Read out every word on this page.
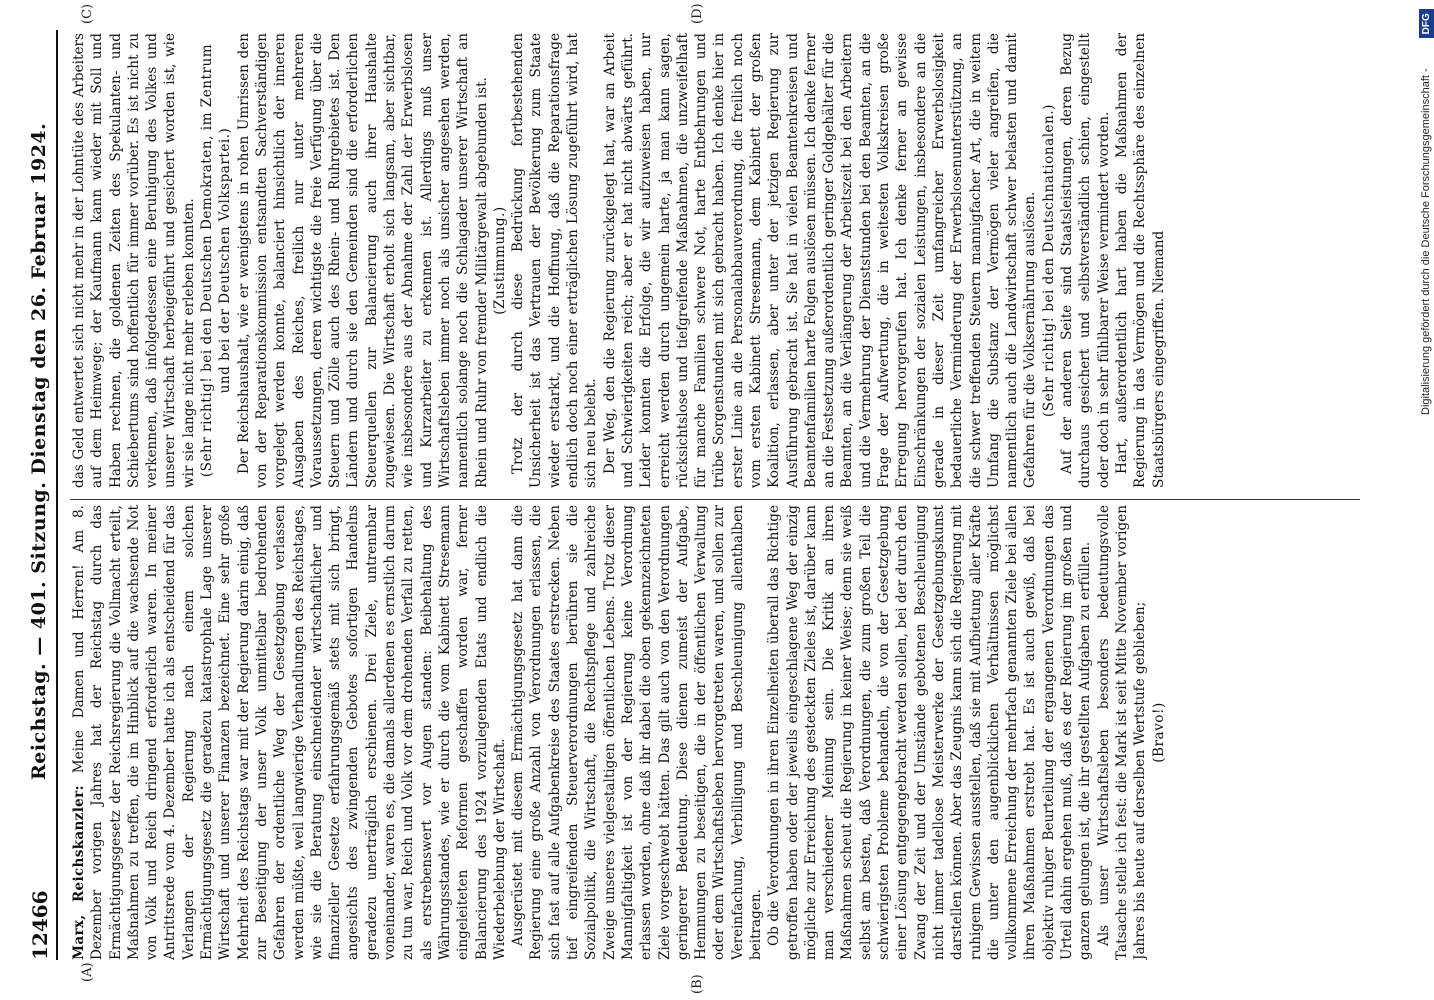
12466
Reichstag. — 401. Sitzung. Dienstag den 26. Februar 1924.
(A)
(B)
(C)	(D)

Marx, Reichskanzler: Meine Damen und Herren! Am 8. Dezember vorigen Jahres hat der Reichstag durch das Ermächtigungsgesetz der Reichsregierung die Vollmacht erteilt, Maßnahmen zu treffen, die im Hinblick auf die wachsende Not von Volk und Reich dringend erforderlich waren. In meiner Antrittsrede vom 4. Dezember hatte ich als entscheidend für das Verlangen der Regierung nach einem solchen Ermächtigungsgesetz die geradezu katastrophale Lage unserer Wirtschaft und unserer Finanzen bezeichnet. Eine sehr große Mehrheit des Reichstags war mit der Regierung darin einig, daß zur Beseitigung der unser Volk unmittelbar bedrohenden Gefahren der ordentliche Weg der Gesetzgebung verlassen werden müßte, weil langwierige Verhandlungen des Reichstages, wie sie die Beratung einschneidender wirtschaftlicher und finanzieller Gesetze erfahrungsgemäß stets mit sich bringt, angesichts des zwingenden Gebotes sofortigen Handelns geradezu unerträglich erschienen. Drei Ziele, untrennbar voneinander, waren es, die damals allerdenen es ernstlich darum zu tun war, Reich und Volk vor dem drohenden Verfall zu retten, als erstrebenswert vor Augen standen: Beibehaltung des Währungsstandes, wie er durch die vom Kabinett Stresemann eingeleiteten Reformen geschaffen worden war, ferner Balancierung des 1924 vorzulegenden Etats und endlich die Wiederbelebung der Wirtschaft. Ausgerüstet mit diesem Ermächtigungsgesetz hat dann die Regierung eine große Anzahl von Verordnungen erlassen, die sich fast auf alle Aufgabenkreise des Staates erstrecken. Neben tief eingreifenden Steuerverordnungen berühren sie die Sozialpolitik, die Wirtschaft, die Rechtspflege und zahlreiche Zweige unseres vielgestaltigen öffentlichen Lebens. Trotz dieser Mannigfaltigkeit ist von der Regierung keine Verordnung erlassen worden, ohne daß ihr dabei die oben gekennzeichneten Ziele vorgeschwebt hätten. Das gilt auch von den Verordnungen geringerer Bedeutung. Diese dienen zumeist der Aufgabe, Hemmungen zu beseitigen, die in der öffentlichen Verwaltung oder dem Wirtschaftsleben hervorgetreten waren, und sollen zur Vereinfachung, Verbilligung und Beschleunigung allenthalben beitragen. Ob die Verordnungen in ihren Einzelheiten überall das Richtige getroffen haben oder der jeweils eingeschlagene Weg der einzig mögliche zur Erreichung des gesteckten Zieles ist, darüber kann man verschiedener Meinung sein. Die Kritik an ihren Maßnahmen scheut die Regierung in keiner Weise; denn sie weiß selbst am besten, daß Verordnungen, die zum großen Teil die schwierigsten Probleme behandeln, die von der Gesetzgebung einer Lösung entgegengebracht werden sollen, bei der durch den Zwang der Zeit und der Umstände gebotenen Beschleunigung nicht immer tadellose Meisterwerke der Gesetzgebungskunst darstellen können. Aber das Zeugnis kann sich die Regierung mit ruhigem Gewissen ausstellen, daß sie mit Aufbietung aller Kräfte die unter den augenblicklichen Verhältnissen möglichst vollkommene Erreichung der mehrfach genannten Ziele bei allen ihren Maßnahmen erstrebt hat. Es ist auch gewiß, daß bei objektiv ruhiger Beurteilung der ergangenen Verordnungen das Urteil dahin ergehen muß, daß es der Regierung im großen und ganzen gelungen ist, die ihr gestellten Aufgaben zu erfüllen. Als unser Wirtschaftsleben besonders bedeutungsvolle Tatsache stelle ich fest: die Mark ist seit Mitte November vorigen Jahres bis heute auf derselben Wertstufe geblieben; (Bravo!)

das Geld entwertet sich nicht mehr in der Lohntüte des Arbeiters auf dem Heimwege; der Kaufmann kann wieder mit Soll und Haben rechnen, die goldenen Zeiten des Spekulanten- und Schiebertums sind hoffentlich für immer vorüber. Es ist nicht zu verkennen, daß infolgedessen eine Beruhigung des Volkes und unserer Wirtschaft herbeigeführt und gesichert worden ist, wie wir sie lange nicht mehr erleben konnten. (Sehr richtig! bei den Deutschen Demokraten, im Zentrum und bei der Deutschen Volkspartei.) Der Reichshaushalt, wie er wenigstens in rohen Umrissen den von der Reparationskommission entsandten Sachverständigen vorgelegt werden konnte, balanciert hinsichtlich der inneren Ausgaben des Reiches, freilich nur unter mehreren Voraussetzungen, deren wichtigste die freie Verfügung über die Steuern und Zölle auch des Rhein- und Ruhrgebietes ist. Den Ländern und durch sie den Gemeinden sind die erforderlichen Steuerquellen zur Balancierung auch ihrer Haushalte zugewiesen. Die Wirtschaft erholt sich langsam, aber sichtbar, wie insbesondere aus der Abnahme der Zahl der Erwerbslosen und Kurzarbeiter zu erkennen ist. Allerdings muß unser Wirtschaftsleben immer noch als unsicher angesehen werden, namentlich solange noch die Schlagader unserer Wirtschaft an Rhein und Ruhr von fremder Militärgewalt abgebunden ist. (Zustimmung.) Trotz der durch diese Bedrückung fortbestehenden Unsicherheit ist das Vertrauen der Bevölkerung zum Staate wieder erstarkt, und die Hoffnung, daß die Reparationsfrage endlich doch noch einer erträglichen Lösung zugeführt wird, hat sich neu belebt. Der Weg, den die Regierung zurückgelegt hat, war an Arbeit und Schwierigkeiten reich; aber er hat nicht abwärts geführt. Leider konnten die Erfolge, die wir aufzuweisen haben, nur erreicht werden durch ungemein harte, ja man kann sagen, rücksichtslose und tiefgreifende Maßnahmen, die unzweifelhaft für manche Familien schwere Not, harte Entbehrungen und trübe Sorgenstunden mit sich gebracht haben. Ich denke hier in erster Linie an die Personalabbauverordnung, die freilich noch vom ersten Kabinett Stresemann, dem Kabinett der großen Koalition, erlassen, aber unter der jetzigen Regierung zur Ausführung gebracht ist. Sie hat in vielen Beamtenkreisen und Beamtenfamilien harte Folgen auslösen müssen. Ich denke ferner an die Festsetzung außerordentlich geringer Goldgehälter für die Beamten, an die Verlängerung der Arbeitszeit bei den Arbeitern und die Vermehrung der Dienststunden bei den Beamten, an die Frage der Aufwertung, die in weitesten Volkskreisen große Erregung hervorgerufen hat. Ich denke ferner an gewisse Einschränkungen der sozialen Leistungen, insbesondere an die gerade in dieser Zeit umfangreicher Erwerbslosigkeit bedauerliche Verminderung der Erwerbslosenunterstützung, an die schwer treffenden Steuern mannigfacher Art, die in weitem Umfang die Substanz der Vermögen vieler angreifen, die namentlich auch die Landwirtschaft schwer belasten und damit Gefahren für die Volksernährung auslösen. (Sehr richtig! bei den Deutschnationalen.) Auf der anderen Seite sind Staatsleistungen, deren Bezug durchaus gesichert und selbstverständlich schien, eingestellt oder doch in sehr fühlbarer Weise vermindert worden. Hart, außerordentlich hart haben die Maßnahmen der Regierung in das Vermögen und die Rechtssphäre des einzelnen Staatsbürgers eingegriffen. Niemand	Digitalisierung gefördert durch die Deutsche Forschungsgemeinschaft -DFG
